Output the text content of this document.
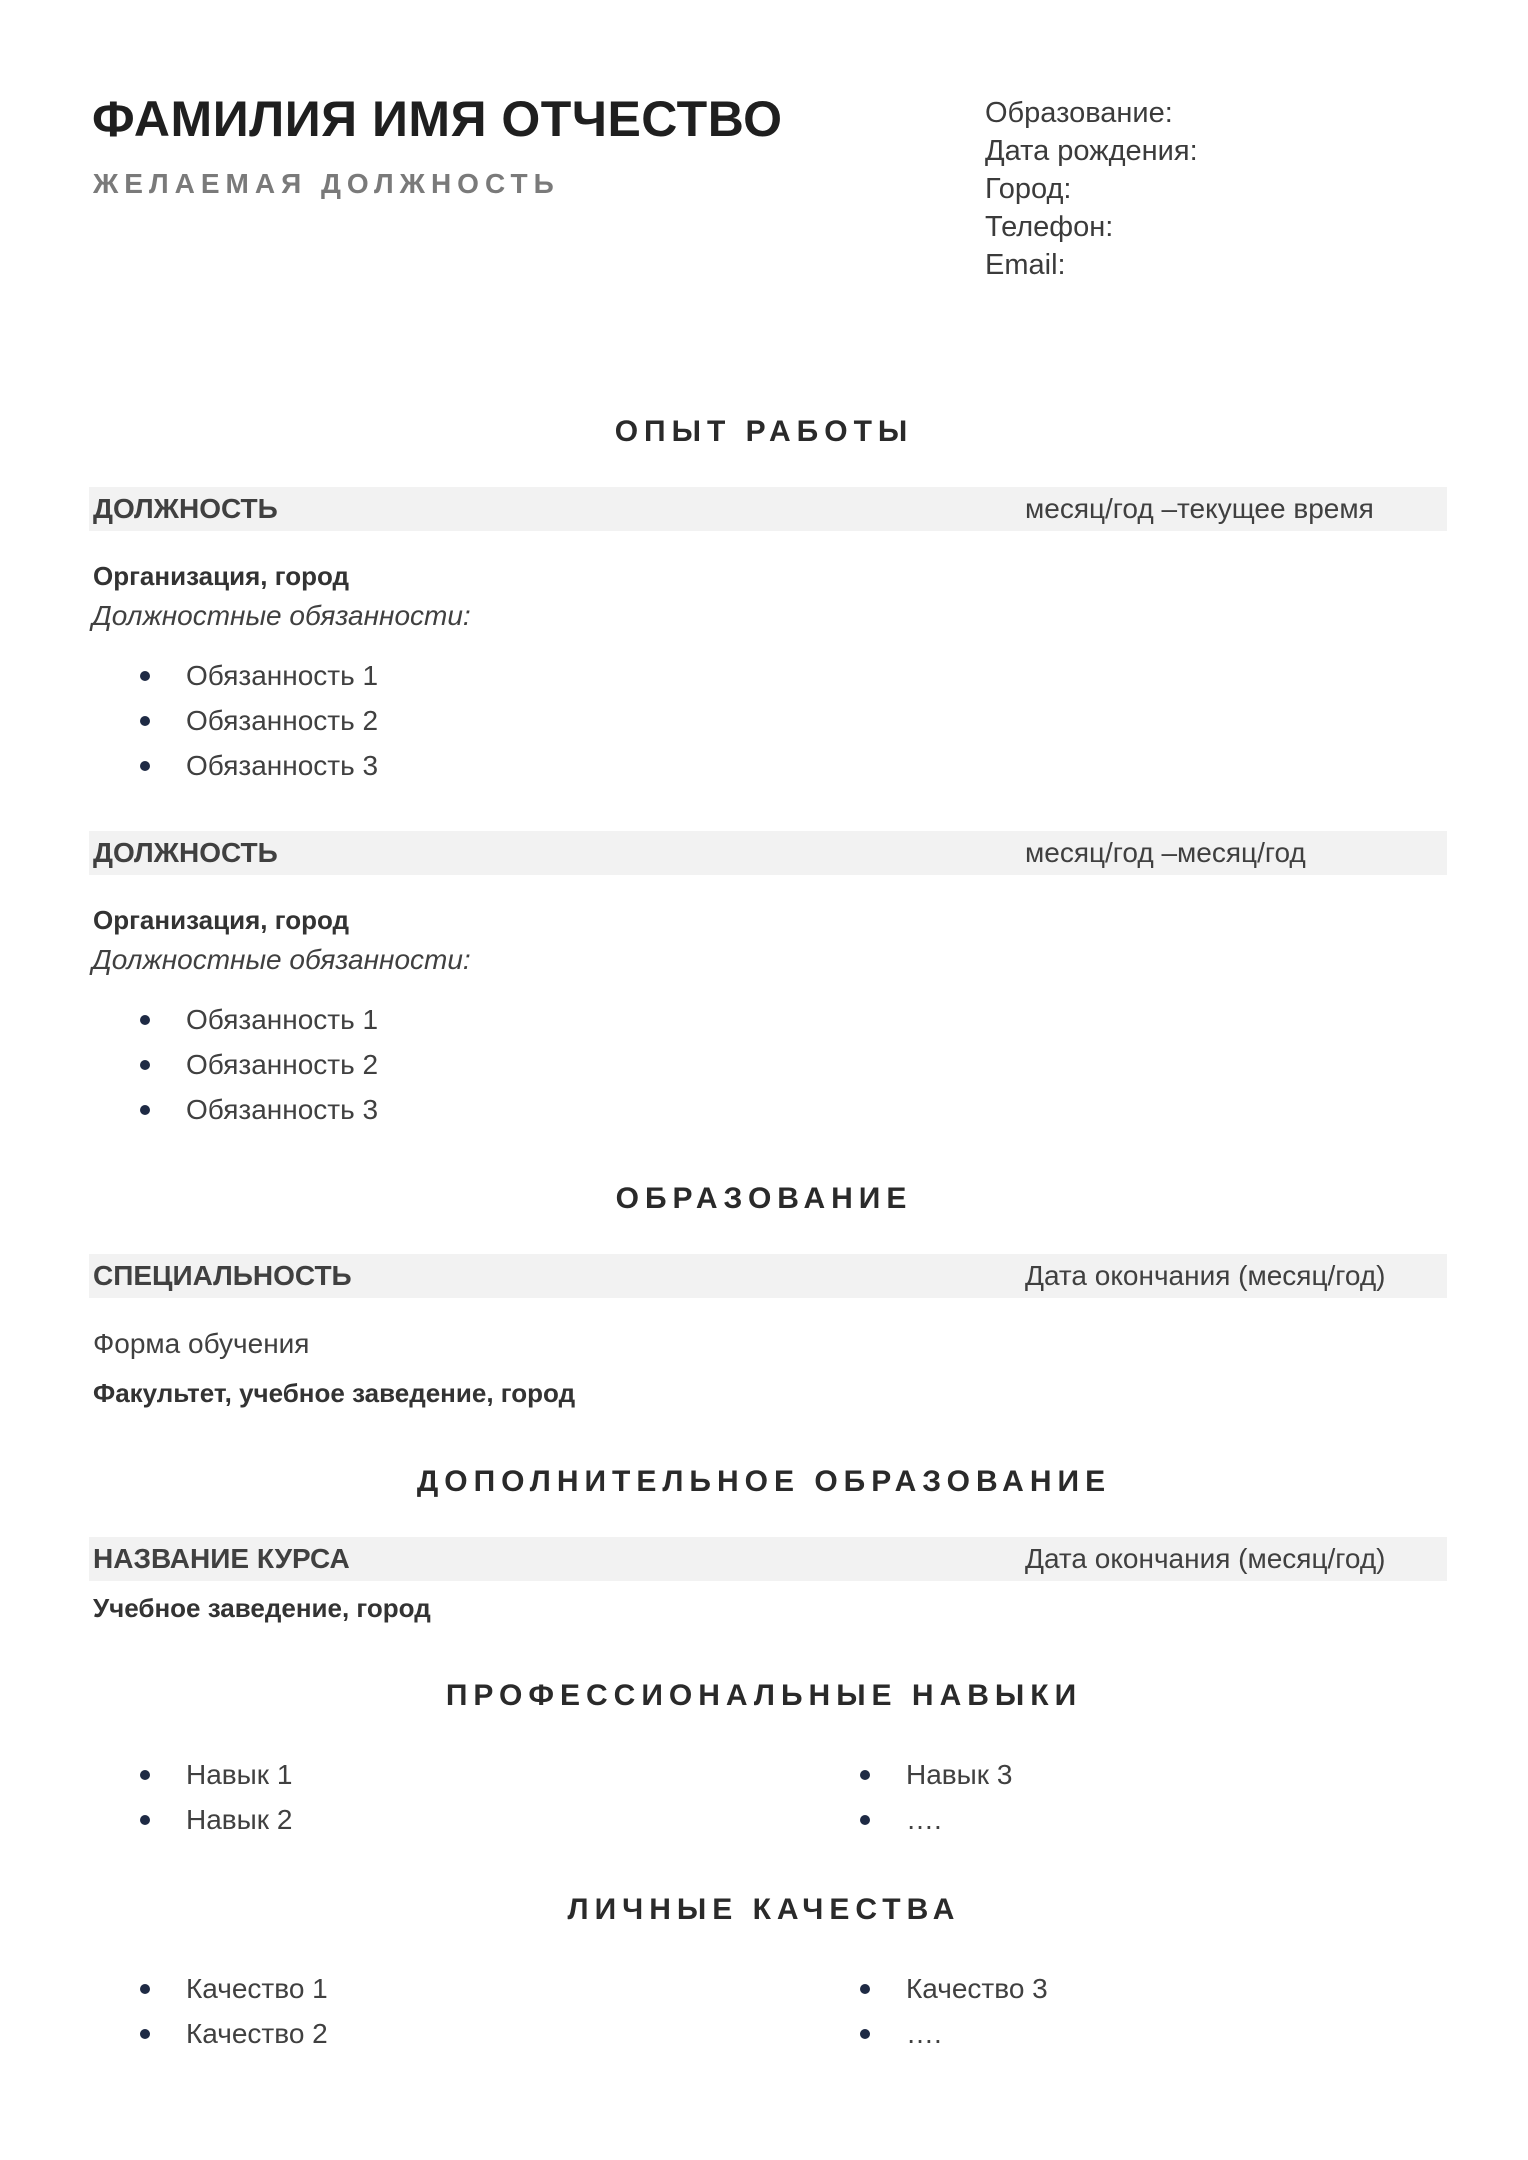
ФАМИЛИЯ ИМЯ ОТЧЕСТВО
ЖЕЛАЕМАЯ ДОЛЖНОСТЬ
Образование:
Дата рождения:
Город:
Телефон:
Email:
ОПЫТ РАБОТЫ
ДОЛЖНОСТЬ	месяц/год –текущее время
Организация, город
Должностные обязанности:
Обязанность 1
Обязанность 2
Обязанность 3
ДОЛЖНОСТЬ	месяц/год –месяц/год
Организация, город
Должностные обязанности:
Обязанность 1
Обязанность 2
Обязанность 3
ОБРАЗОВАНИЕ
СПЕЦИАЛЬНОСТЬ	Дата окончания (месяц/год)
Форма обучения
Факультет, учебное заведение, город
ДОПОЛНИТЕЛЬНОЕ ОБРАЗОВАНИЕ
НАЗВАНИЕ КУРСА	Дата окончания (месяц/год)
Учебное заведение, город
ПРОФЕССИОНАЛЬНЫЕ НАВЫКИ
Навык 1
Навык 2
Навык 3
….
ЛИЧНЫЕ КАЧЕСТВА
Качество 1
Качество 2
Качество 3
….
